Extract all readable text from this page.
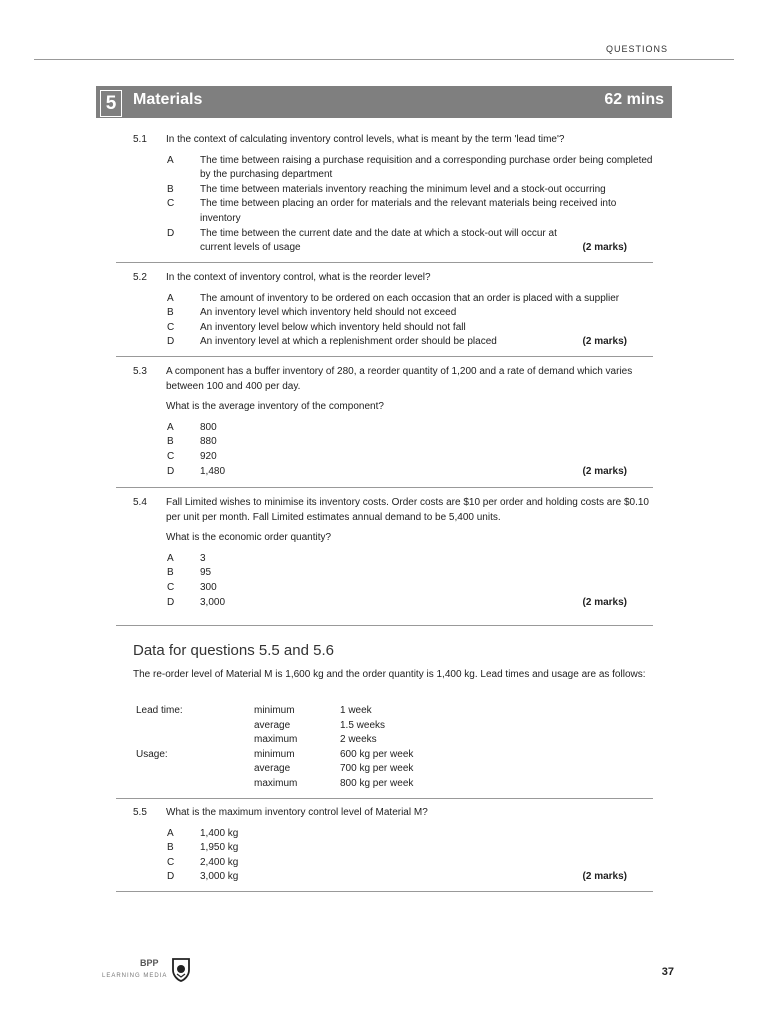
QUESTIONS
5	Materials	62 mins
5.1 In the context of calculating inventory control levels, what is meant by the term 'lead time'?
A	The time between raising a purchase requisition and a corresponding purchase order being completed by the purchasing department
B	The time between materials inventory reaching the minimum level and a stock-out occurring
C	The time between placing an order for materials and the relevant materials being received into inventory
D	The time between the current date and the date at which a stock-out will occur at current levels of usage	(2 marks)
5.2 In the context of inventory control, what is the reorder level?
A	The amount of inventory to be ordered on each occasion that an order is placed with a supplier
B	An inventory level which inventory held should not exceed
C	An inventory level below which inventory held should not fall
D	An inventory level at which a replenishment order should be placed	(2 marks)
5.3 A component has a buffer inventory of 280, a reorder quantity of 1,200 and a rate of demand which varies between 100 and 400 per day.
What is the average inventory of the component?
A	800
B	880
C	920
D	1,480	(2 marks)
5.4 Fall Limited wishes to minimise its inventory costs. Order costs are $10 per order and holding costs are $0.10 per unit per month. Fall Limited estimates annual demand to be 5,400 units.
What is the economic order quantity?
A	3
B	95
C	300
D	3,000	(2 marks)
Data for questions 5.5 and 5.6
The re-order level of Material M is 1,600 kg and the order quantity is 1,400 kg. Lead times and usage are as follows:
Lead time:	minimum	1 week
average	1.5 weeks
maximum	2 weeks
Usage:	minimum	600 kg per week
average	700 kg per week
maximum	800 kg per week
5.5 What is the maximum inventory control level of Material M?
A	1,400 kg
B	1,950 kg
C	2,400 kg
D	3,000 kg	(2 marks)
BPP
LEARNING MEDIA	37
